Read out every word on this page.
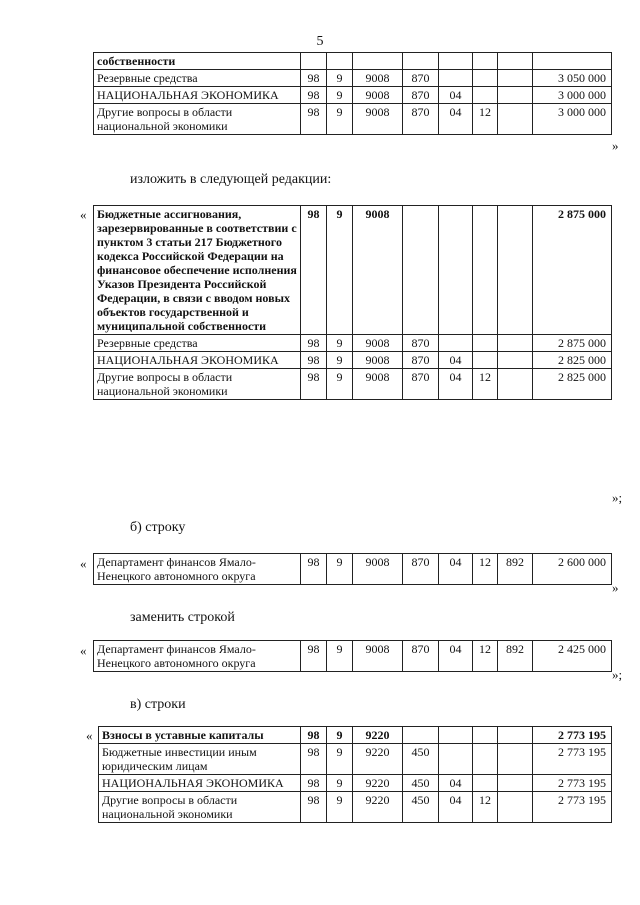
5
собственности								
Резервные средства	98	9	9008	870				3 050 000
НАЦИОНАЛЬНАЯ ЭКОНОМИКА	98	9	9008	870	04			3 000 000
Другие вопросы в области национальной экономики	98	9	9008	870	04	12		3 000 000
»
изложить в следующей редакции:
« Бюджетные ассигнования, зарезервированные в соответствии с пунктом 3 статьи 217 Бюджетного кодекса Российской Федерации на финансовое обеспечение исполнения Указов Президента Российской Федерации, в связи с вводом новых объектов государственной и муниципальной собственности	98	9	9008					2 875 000
Резервные средства	98	9	9008	870				2 875 000
НАЦИОНАЛЬНАЯ ЭКОНОМИКА	98	9	9008	870	04			2 825 000
Другие вопросы в области национальной экономики	98	9	9008	870	04	12		2 825 000
»;
б) строку
« Департамент финансов Ямало-Ненецкого автономного округа	98	9	9008	870	04	12	892	2 600 000
»
заменить строкой
« Департамент финансов Ямало-Ненецкого автономного округа	98	9	9008	870	04	12	892	2 425 000
»;
в) строки
« Взносы в уставные капиталы	98	9	9220					2 773 195
Бюджетные инвестиции иным юридическим лицам	98	9	9220	450				2 773 195
НАЦИОНАЛЬНАЯ ЭКОНОМИКА	98	9	9220	450	04			2 773 195
Другие вопросы в области национальной экономики	98	9	9220	450	04	12		2 773 195
